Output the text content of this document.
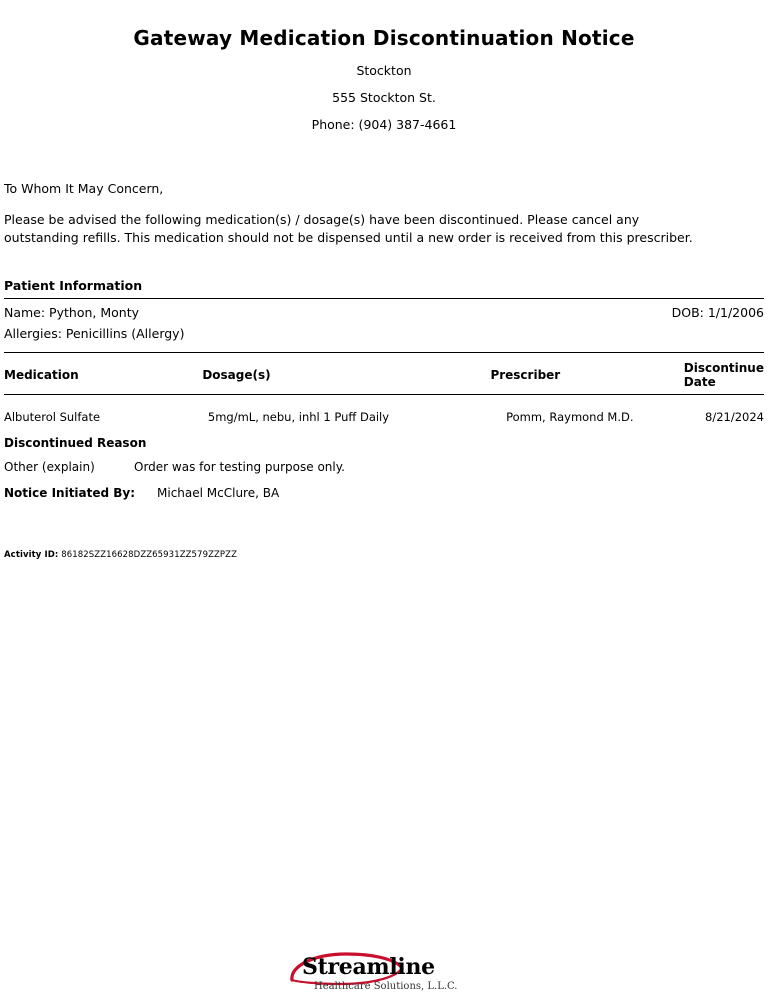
Gateway Medication Discontinuation Notice
Stockton
555 Stockton St.
Phone: (904) 387-4661
To Whom It May Concern,
Please be advised the following medication(s) / dosage(s) have been discontinued. Please cancel any outstanding refills. This medication should not be dispensed until a new order is received from this prescriber.
Patient Information
Name: Python, Monty	DOB: 1/1/2006
Allergies: Penicillins (Allergy)
Medication	Dosage(s)	Prescriber	Discontinue Date
Albuterol Sulfate	5mg/mL, nebu, inhl 1 Puff Daily	Pomm, Raymond M.D.	8/21/2024
Discontinued Reason
Other (explain)	Order was for testing purpose only.
Notice Initiated By:	Michael McClure, BA
Activity ID: 86182SZZ16628DZZ65931ZZ579ZZPZZ
Streamline
Healthcare Solutions, L.L.C.
